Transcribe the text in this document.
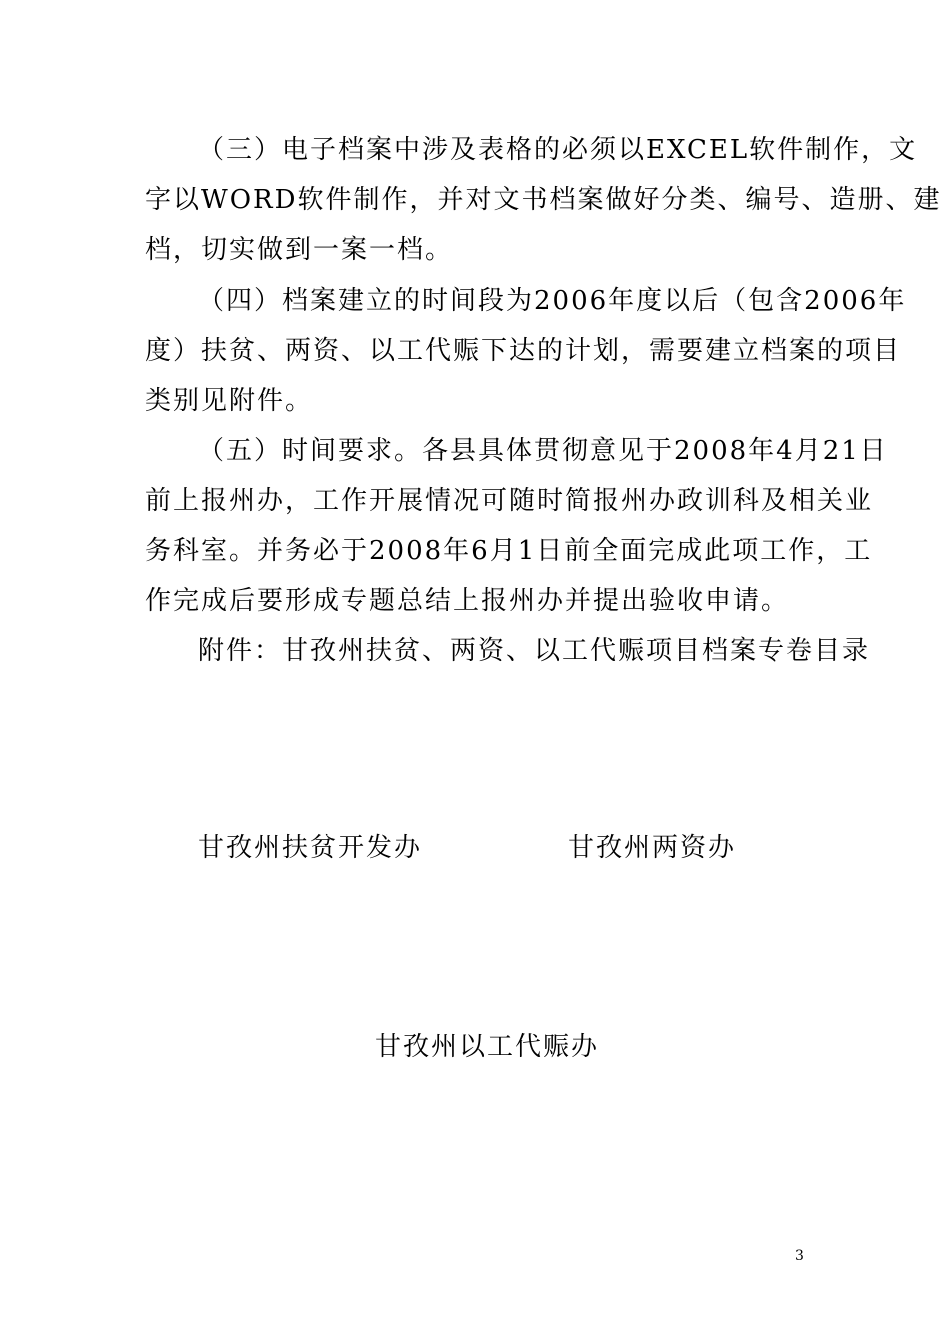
（三）电子档案中涉及表格的必须以EXCEL软件制作，文
字以WORD软件制作，并对文书档案做好分类、编号、造册、建
档，切实做到一案一档。
（四）档案建立的时间段为2006年度以后（包含2006年
度）扶贫、两资、以工代赈下达的计划，需要建立档案的项目
类别见附件。
（五）时间要求。各县具体贯彻意见于2008年4月21日
前上报州办，工作开展情况可随时简报州办政训科及相关业
务科室。并务必于2008年6月1日前全面完成此项工作，工
作完成后要形成专题总结上报州办并提出验收申请。
附件：甘孜州扶贫、两资、以工代赈项目档案专卷目录
甘孜州扶贫开发办	甘孜州两资办
甘孜州以工代赈办
3
